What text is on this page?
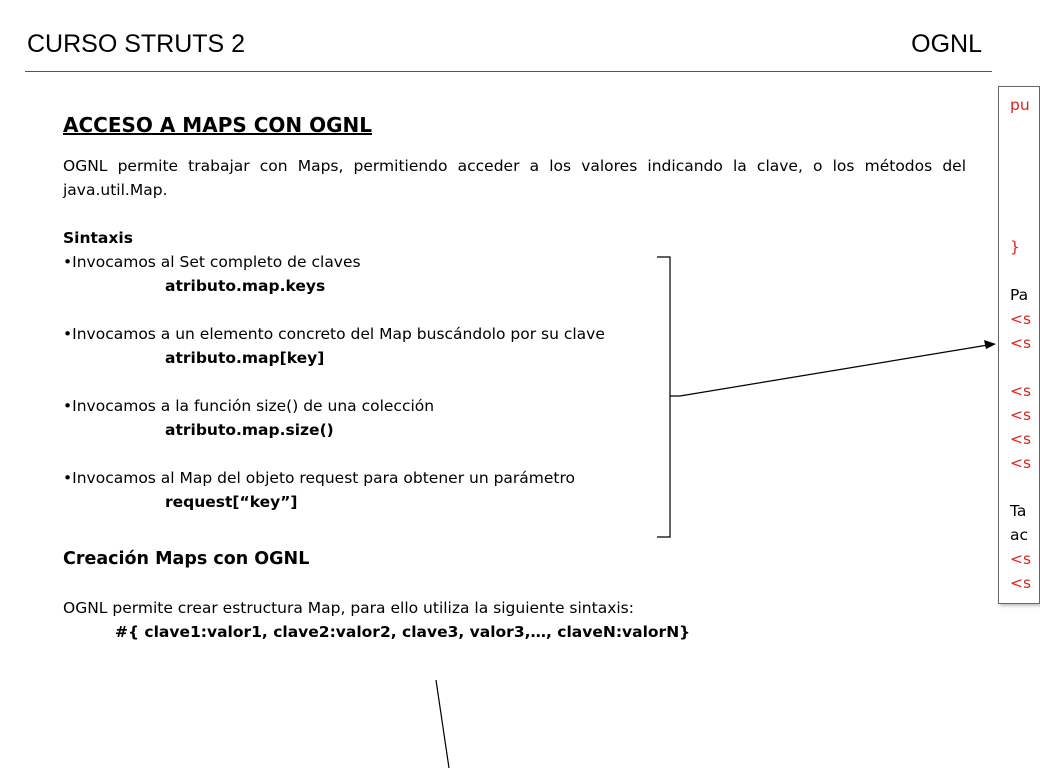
CURSO STRUTS 2	OGNL
ACCESO A MAPS CON OGNL
OGNL permite trabajar con Maps, permitiendo acceder a los valores indicando la clave, o los métodos del java.util.Map.
Sintaxis
•Invocamos al Set completo de claves
atributo.map.keys
•Invocamos a un elemento concreto del Map buscándolo por su clave
atributo.map[key]
•Invocamos a la función size() de una colección
atributo.map.size()
•Invocamos al Map del objeto request para obtener un parámetro
request[“key”]
Creación Maps con OGNL
OGNL permite crear estructura Map, para ello utiliza la siguiente sintaxis:
#{ clave1:valor1, clave2:valor2, clave3, valor3,…, claveN:valorN}
pu
}
Pa
<s
<s
<s
<s
<s
<s
Ta
ac
<s
<s
